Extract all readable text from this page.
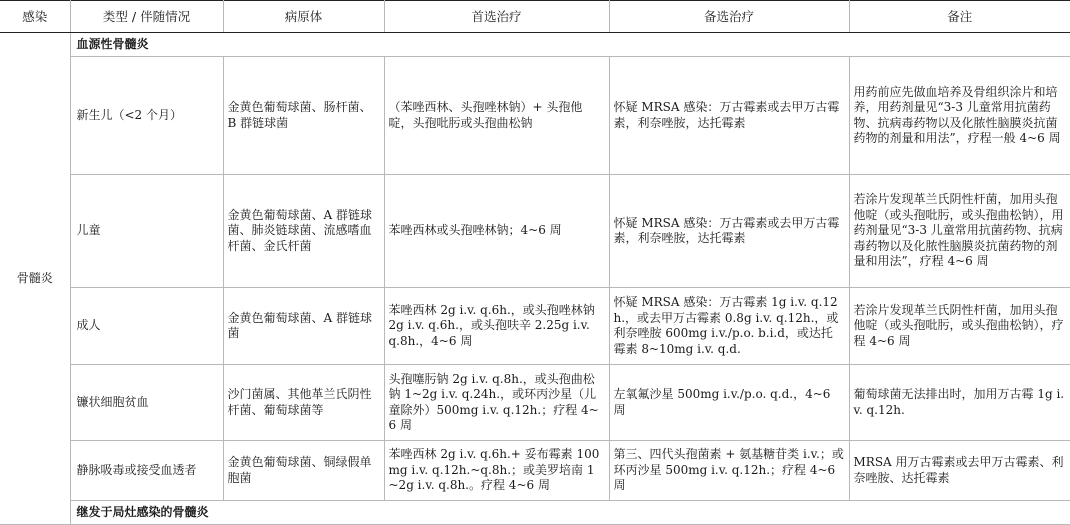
感染	类型 / 伴随情况	病原体	首选治疗	备选治疗	备注
骨髓炎	血源性骨髓炎				
	新生儿（<2 个月）	金黄色葡萄球菌、肠杆菌、B 群链球菌	（苯唑西林、头孢唑林钠）+ 头孢他啶，头孢吡肟或头孢曲松钠	怀疑 MRSA 感染：万古霉素或去甲万古霉素，利奈唑胺，达托霉素	用药前应先做血培养及骨组织涂片和培养，用药剂量见“3-3 儿童常用抗菌药物、抗病毒药物以及化脓性脑膜炎抗菌药物的剂量和用法”，疗程一般 4~6 周
	儿童	金黄色葡萄球菌、A 群链球菌、肺炎链球菌、流感嗜血杆菌、金氏杆菌	苯唑西林或头孢唑林钠；4~6 周	怀疑 MRSA 感染：万古霉素或去甲万古霉素，利奈唑胺，达托霉素	若涂片发现革兰氏阴性杆菌，加用头孢他啶（或头孢吡肟，或头孢曲松钠），用药剂量见“3-3 儿童常用抗菌药物、抗病毒药物以及化脓性脑膜炎抗菌药物的剂量和用法”，疗程 4~6 周
	成人	金黄色葡萄球菌、A 群链球菌	苯唑西林 2g i.v. q.6h.，或头孢唑林钠 2g i.v. q.6h.，或头孢呋辛 2.25g i.v. q.8h.，4~6 周	怀疑 MRSA 感染：万古霉素 1g i.v. q.12h.，或去甲万古霉素 0.8g i.v. q.12h.，或利奈唑胺 600mg i.v./p.o. b.i.d，或达托霉素 8~10mg i.v. q.d.	若涂片发现革兰氏阴性杆菌，加用头孢他啶（或头孢吡肟，或头孢曲松钠），疗程 4~6 周
	镰状细胞贫血	沙门菌属、其他革兰氏阴性杆菌、葡萄球菌等	头孢噻肟钠 2g i.v. q.8h.，或头孢曲松钠 1~2g i.v. q.24h.，或环丙沙星（儿童除外）500mg i.v. q.12h.；疗程 4~6 周	左氧氟沙星 500mg i.v./p.o. q.d.，4~6 周	葡萄球菌无法排出时，加用万古霉 1g i.v. q.12h.
	静脉吸毒或接受血透者	金黄色葡萄球菌、铜绿假单胞菌	苯唑西林 2g i.v. q.6h.+ 妥布霉素 100mg i.v. q.12h.~q.8h.；或美罗培南 1~2g i.v. q.8h.。疗程 4~6 周	第三、四代头孢菌素 + 氨基糖苷类 i.v.；或环丙沙星 500mg i.v. q.12h.；疗程 4~6 周	MRSA 用万古霉素或去甲万古霉素、利奈唑胺、达托霉素
	继发于局灶感染的骨髓炎				
